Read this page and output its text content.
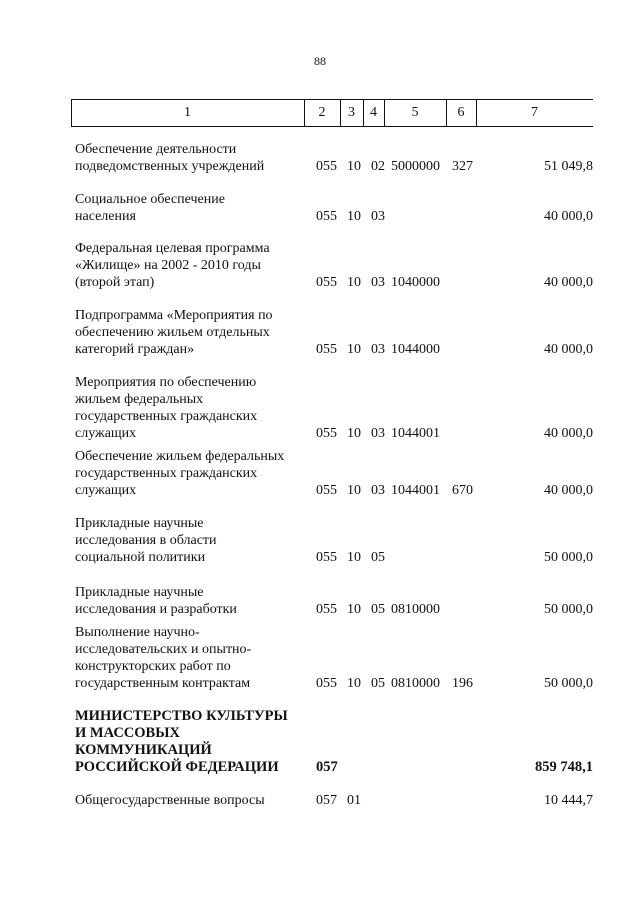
88
1	2	3	4	5	6	7
Обеспечение деятельности
подведомственных учреждений	055 10 02 5000000 327	51 049,8
Социальное обеспечение
населения	055 10 03	40 000,0
Федеральная целевая программа
«Жилище» на 2002 - 2010 годы
(второй этап)	055 10 03 1040000	40 000,0
Подпрограмма «Мероприятия по
обеспечению жильем отдельных
категорий граждан»	055 10 03 1044000	40 000,0
Мероприятия по обеспечению
жильем федеральных
государственных гражданских
служащих	055 10 03 1044001	40 000,0
Обеспечение жильем федеральных
государственных гражданских
служащих	055 10 03 1044001 670	40 000,0
Прикладные научные
исследования в области
социальной политики	055 10 05	50 000,0
Прикладные научные
исследования и разработки	055 10 05 0810000	50 000,0
Выполнение научно-
исследовательских и опытно-
конструкторских работ по
государственным контрактам	055 10 05 0810000 196	50 000,0
МИНИСТЕРСТВО КУЛЬТУРЫ
И МАССОВЫХ
КОММУНИКАЦИЙ
РОССИЙСКОЙ ФЕДЕРАЦИИ	057	859 748,1
Общегосударственные вопросы	057 01	10 444,7
